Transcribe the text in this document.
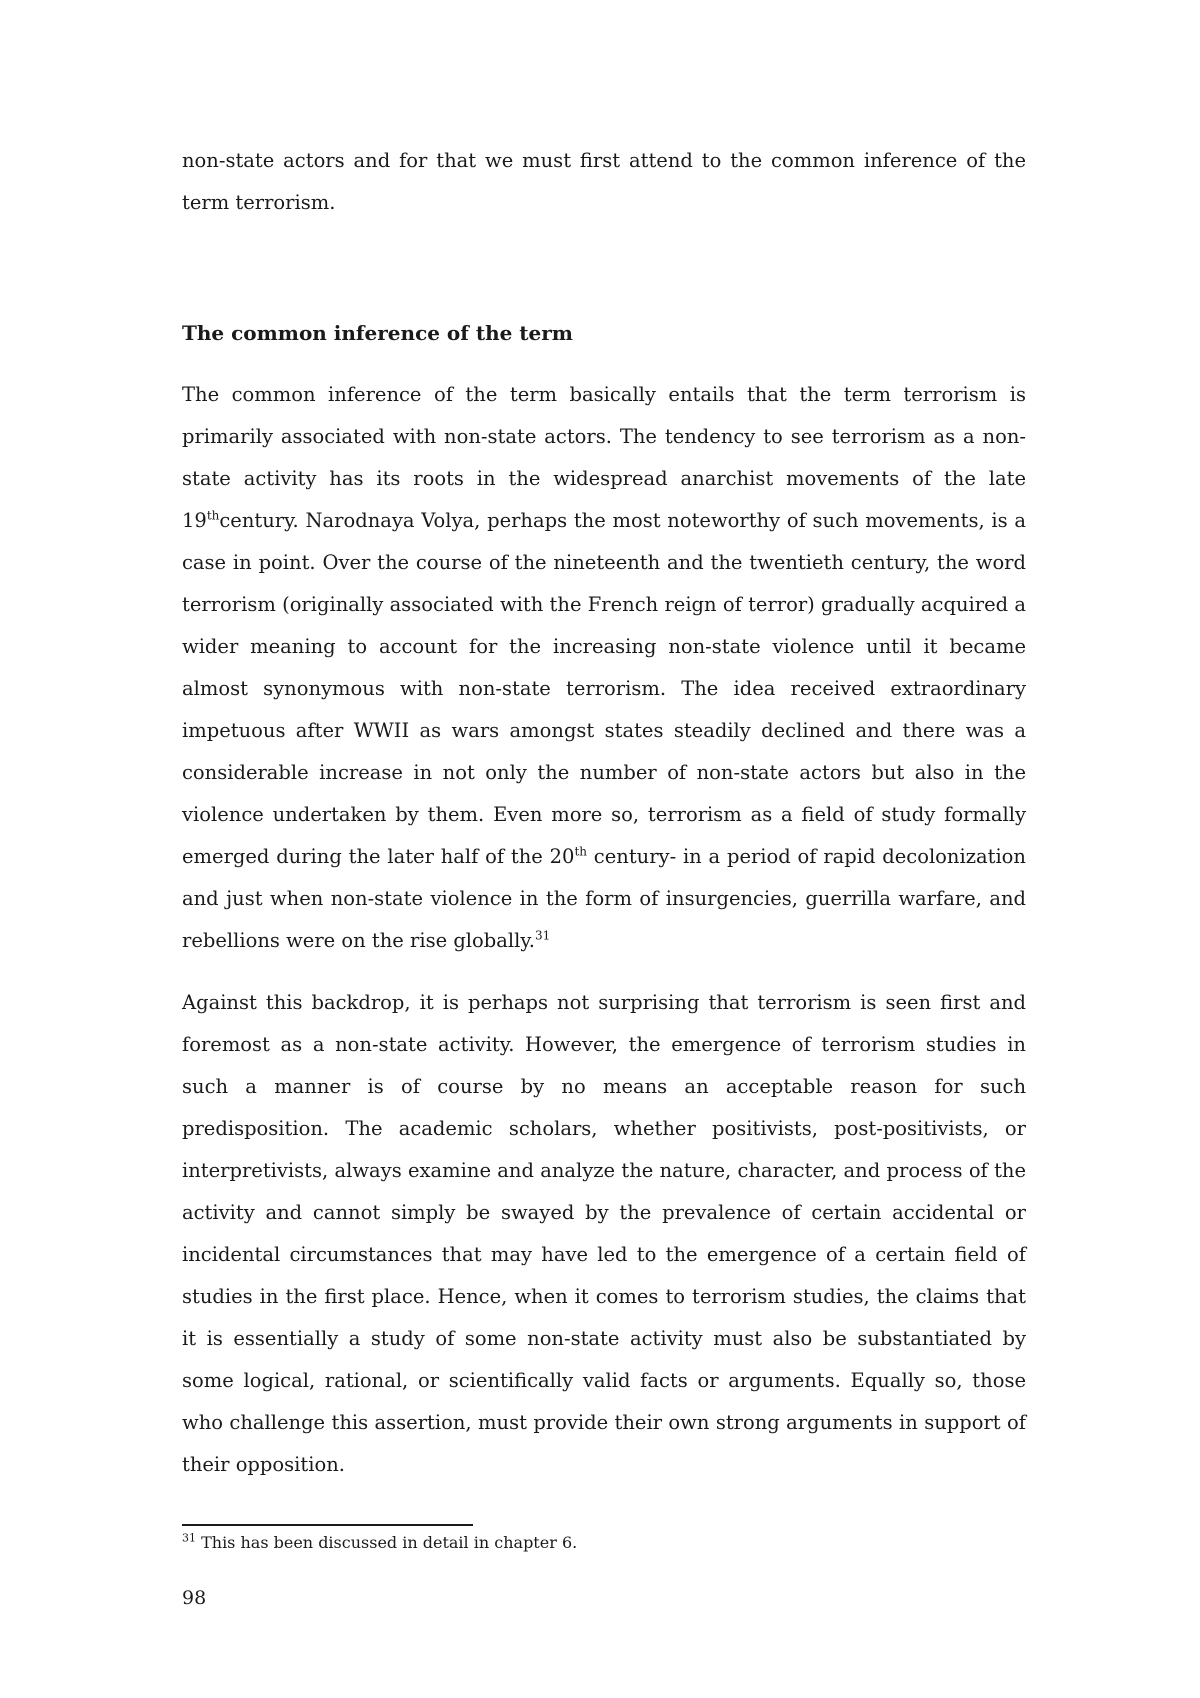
non-state actors and for that we must first attend to the common inference of the term terrorism.

The common inference of the term

The common inference of the term basically entails that the term terrorism is primarily associated with non-state actors. The tendency to see terrorism as a non-state activity has its roots in the widespread anarchist movements of the late 19thcentury. Narodnaya Volya, perhaps the most noteworthy of such movements, is a case in point. Over the course of the nineteenth and the twentieth century, the word terrorism (originally associated with the French reign of terror) gradually acquired a wider meaning to account for the increasing non-state violence until it became almost synonymous with non-state terrorism. The idea received extraordinary impetuous after WWII as wars amongst states steadily declined and there was a considerable increase in not only the number of non-state actors but also in the violence undertaken by them. Even more so, terrorism as a field of study formally emerged during the later half of the 20th century- in a period of rapid decolonization and just when non-state violence in the form of insurgencies, guerrilla warfare, and rebellions were on the rise globally.$^{31}$

Against this backdrop, it is perhaps not surprising that terrorism is seen first and foremost as a non-state activity. However, the emergence of terrorism studies in such a manner is of course by no means an acceptable reason for such predisposition. The academic scholars, whether positivists, post-positivists, or interpretivists, always examine and analyze the nature, character, and process of the activity and cannot simply be swayed by the prevalence of certain accidental or incidental circumstances that may have led to the emergence of a certain field of studies in the first place. Hence, when it comes to terrorism studies, the claims that it is essentially a study of some non-state activity must also be substantiated by some logical, rational, or scientifically valid facts or arguments. Equally so, those who challenge this assertion, must provide their own strong arguments in support of their opposition.

$^{31}$ This has been discussed in detail in chapter 6.
98
